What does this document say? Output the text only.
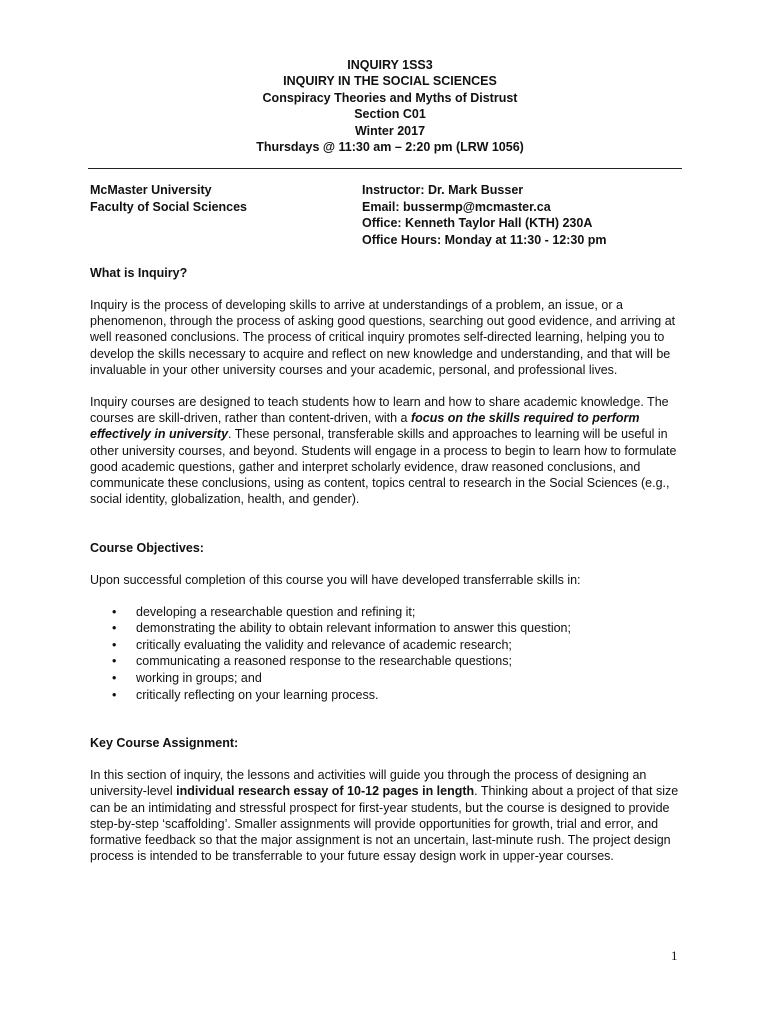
INQUIRY 1SS3
INQUIRY IN THE SOCIAL SCIENCES
Conspiracy Theories and Myths of Distrust
Section C01
Winter 2017
Thursdays @ 11:30 am – 2:20 pm (LRW 1056)
McMaster University
Faculty of Social Sciences
Instructor: Dr. Mark Busser
Email: bussermp@mcmaster.ca
Office: Kenneth Taylor Hall (KTH) 230A
Office Hours: Monday at 11:30 - 12:30 pm
What is Inquiry?

Inquiry is the process of developing skills to arrive at understandings of a problem, an issue, or a phenomenon, through the process of asking good questions, searching out good evidence, and arriving at well reasoned conclusions. The process of critical inquiry promotes self-directed learning, helping you to develop the skills necessary to acquire and reflect on new knowledge and understanding, and that will be invaluable in your other university courses and your academic, personal, and professional lives.

Inquiry courses are designed to teach students how to learn and how to share academic knowledge. The courses are skill-driven, rather than content-driven, with a focus on the skills required to perform effectively in university. These personal, transferable skills and approaches to learning will be useful in other university courses, and beyond. Students will engage in a process to begin to learn how to formulate good academic questions, gather and interpret scholarly evidence, draw reasoned conclusions, and communicate these conclusions, using as content, topics central to research in the Social Sciences (e.g., social identity, globalization, health, and gender).

Course Objectives:

Upon successful completion of this course you will have developed transferrable skills in:

• developing a researchable question and refining it;
• demonstrating the ability to obtain relevant information to answer this question;
• critically evaluating the validity and relevance of academic research;
• communicating a reasoned response to the researchable questions;
• working in groups; and
• critically reflecting on your learning process.
Key Course Assignment:

In this section of inquiry, the lessons and activities will guide you through the process of designing an university-level individual research essay of 10-12 pages in length. Thinking about a project of that size can be an intimidating and stressful prospect for first-year students, but the course is designed to provide step-by-step ‘scaffolding’. Smaller assignments will provide opportunities for growth, trial and error, and formative feedback so that the major assignment is not an uncertain, last-minute rush. The project design process is intended to be transferrable to your future essay design work in upper-year courses.

1
